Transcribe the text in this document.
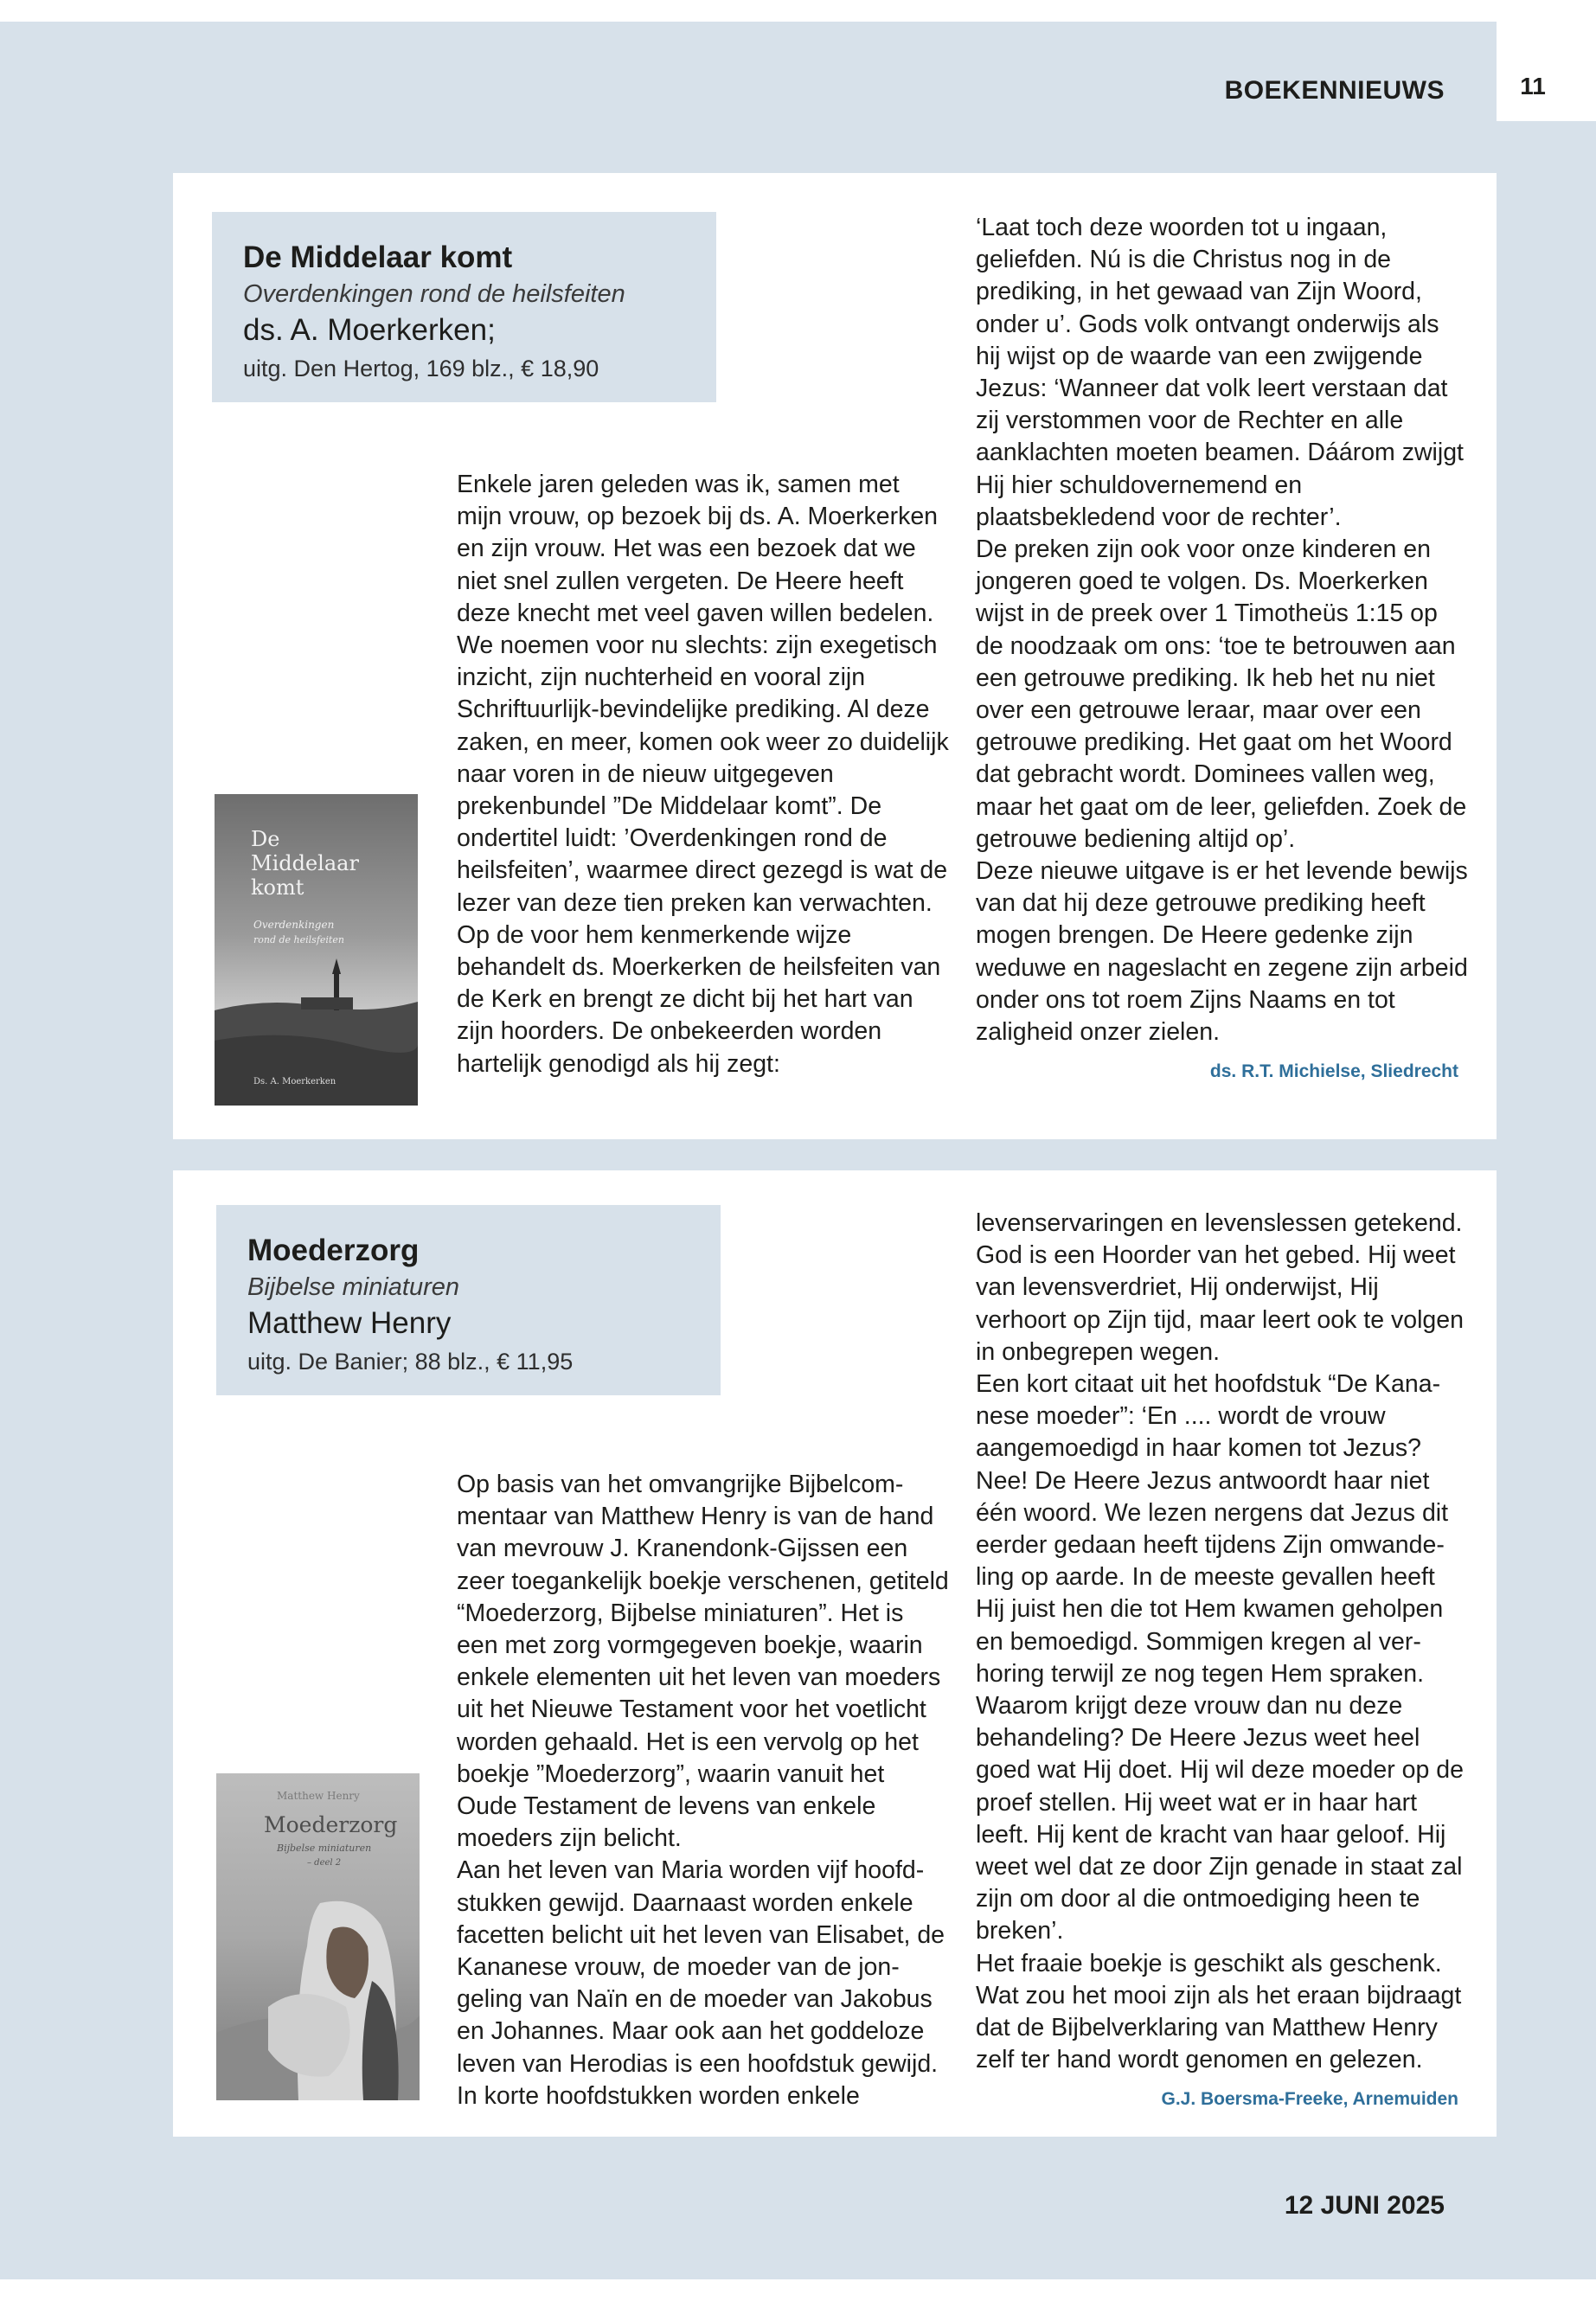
11
BOEKENNIEUWS
De Middelaar komt
Overdenkingen rond de heilsfeiten
ds. A. Moerkerken;
uitg. Den Hertog, 169 blz., € 18,90
De
Middelaar
komt
Overdenkingen
rond de heilsfeiten
Ds. A. Moerkerken

Enkele jaren geleden was ik, samen met mijn vrouw, op bezoek bij ds. A. Moerkerken en zijn vrouw. Het was een bezoek dat we niet snel zullen vergeten. De Heere heeft deze knecht met veel gaven willen bedelen. We noemen voor nu slechts: zijn exegetisch inzicht, zijn nuchterheid en vooral zijn Schriftuurlijk-bevindelijke prediking. Al deze zaken, en meer, komen ook weer zo duidelijk naar voren in de nieuw uitgegeven prekenbundel ”De Middelaar komt”. De ondertitel luidt: ’Overdenkingen rond de heilsfeiten’, waarmee direct gezegd is wat de lezer van deze tien preken kan verwachten.

Op de voor hem kenmerkende wijze behandelt ds. Moerkerken de heilsfeiten van de Kerk en brengt ze dicht bij het hart van zijn hoorders. De onbekeerden worden hartelijk genodigd als hij zegt:

‘Laat toch deze woorden tot u ingaan, geliefden. Nú is die Christus nog in de prediking, in het gewaad van Zijn Woord, onder u’. Gods volk ontvangt onderwijs als hij wijst op de waarde van een zwijgende Jezus: ‘Wanneer dat volk leert verstaan dat zij verstommen voor de Rechter en alle aanklachten moeten beamen. Dáárom zwijgt Hij hier schuldovernemend en plaatsbekledend voor de rechter’.

De preken zijn ook voor onze kinderen en jongeren goed te volgen. Ds. Moerkerken wijst in de preek over 1 Timotheüs 1:15 op de noodzaak om ons: ‘toe te betrouwen aan een getrouwe prediking. Ik heb het nu niet over een getrouwe leraar, maar over een getrouwe prediking. Het gaat om het Woord dat gebracht wordt. Dominees vallen weg, maar het gaat om de leer, geliefden. Zoek de getrouwe bediening altijd op’.

Deze nieuwe uitgave is er het levende bewijs van dat hij deze getrouwe prediking heeft mogen brengen. De Heere gedenke zijn weduwe en nageslacht en zegene zijn arbeid onder ons tot roem Zijns Naams en tot zaligheid onzer zielen.

ds. R.T. Michielse, Sliedrecht
Moederzorg
Bijbelse miniaturen
Matthew Henry
uitg. De Banier; 88 blz., € 11,95
Matthew Henry
Moederzorg
Bijbelse miniaturen
– deel 2

Op basis van het omvangrijke Bijbelcommentaar van Matthew Henry is van de hand van mevrouw J. Kranendonk-Gijssen een zeer toegankelijk boekje verschenen, getiteld “Moederzorg, Bijbelse miniaturen”. Het is een met zorg vormgegeven boekje, waarin enkele elementen uit het leven van moeders uit het Nieuwe Testament voor het voetlicht worden gehaald. Het is een vervolg op het boekje ”Moederzorg”, waarin vanuit het Oude Testament de levens van enkele moeders zijn belicht.

Aan het leven van Maria worden vijf hoofdstukken gewijd. Daarnaast worden enkele facetten belicht uit het leven van Elisabet, de Kananese vrouw, de moeder van de jongeling van Naïn en de moeder van Jakobus en Johannes. Maar ook aan het goddeloze leven van Herodias is een hoofdstuk gewijd. In korte hoofdstukken worden enkele

levenservaringen en levenslessen getekend. God is een Hoorder van het gebed. Hij weet van levensverdriet, Hij onderwijst, Hij verhoort op Zijn tijd, maar leert ook te volgen in onbegrepen wegen.

Een kort citaat uit het hoofdstuk “De Kananese moeder”: ‘En .... wordt de vrouw aangemoedigd in haar komen tot Jezus? Nee! De Heere Jezus antwoordt haar niet één woord. We lezen nergens dat Jezus dit eerder gedaan heeft tijdens Zijn omwandeling op aarde. In de meeste gevallen heeft Hij juist hen die tot Hem kwamen geholpen en bemoedigd. Sommigen kregen al verhoring terwijl ze nog tegen Hem spraken. Waarom krijgt deze vrouw dan nu deze behandeling? De Heere Jezus weet heel goed wat Hij doet. Hij wil deze moeder op de proef stellen. Hij weet wat er in haar hart leeft. Hij kent de kracht van haar geloof. Hij weet wel dat ze door Zijn genade in staat zal zijn om door al die ontmoediging heen te breken’.

Het fraaie boekje is geschikt als geschenk. Wat zou het mooi zijn als het eraan bijdraagt dat de Bijbelverklaring van Matthew Henry zelf ter hand wordt genomen en gelezen.

G.J. Boersma-Freeke, Arnemuiden
12 JUNI 2025
